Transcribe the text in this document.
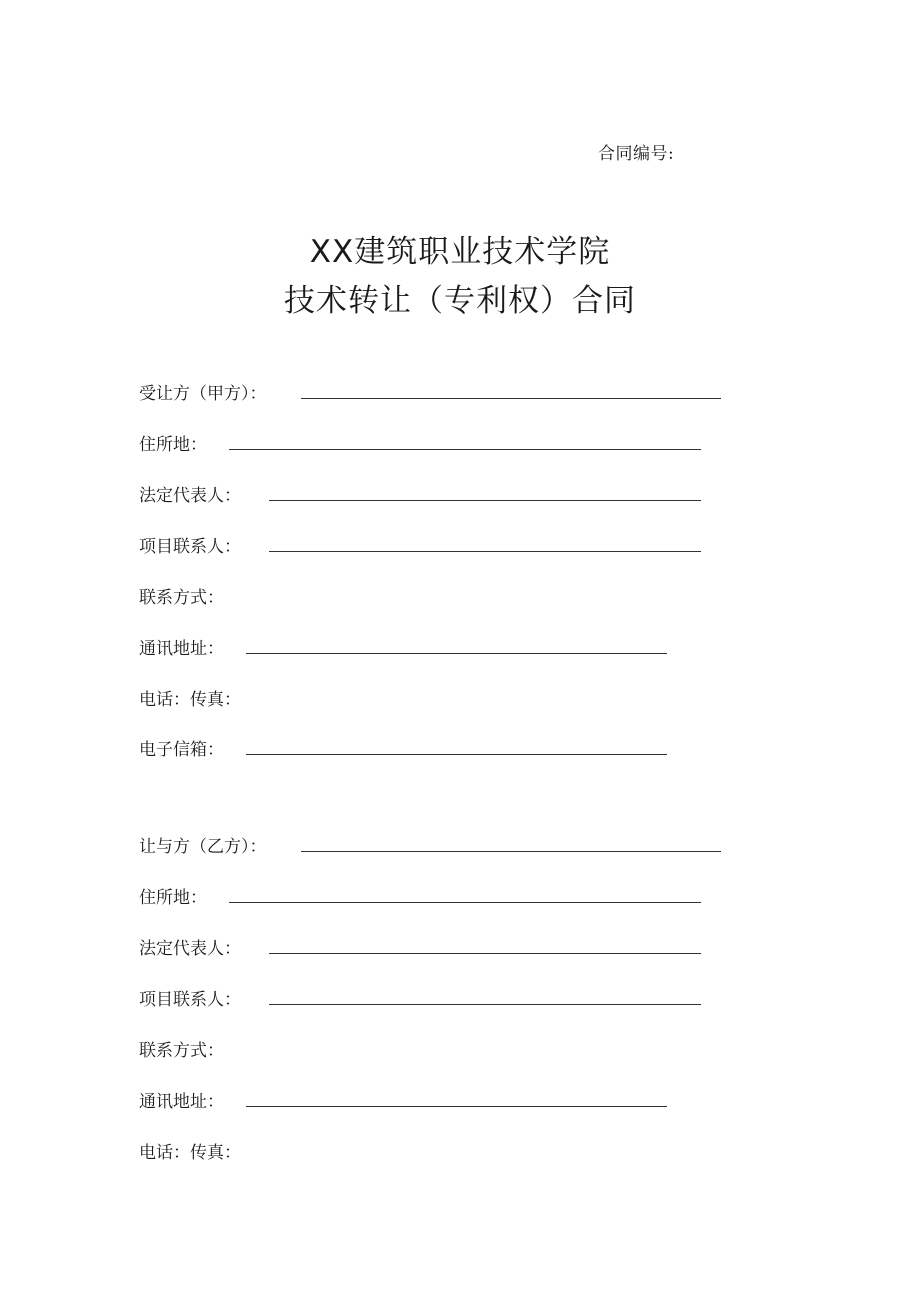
合同编号:
XX建筑职业技术学院
技术转让（专利权）合同
受让方（甲方）：
住所地：
法定代表人：
项目联系人：
联系方式：
通讯地址：
电话：传真：
电子信箱：
让与方（乙方）：
住所地：
法定代表人：
项目联系人：
联系方式：
通讯地址：
电话：传真：
